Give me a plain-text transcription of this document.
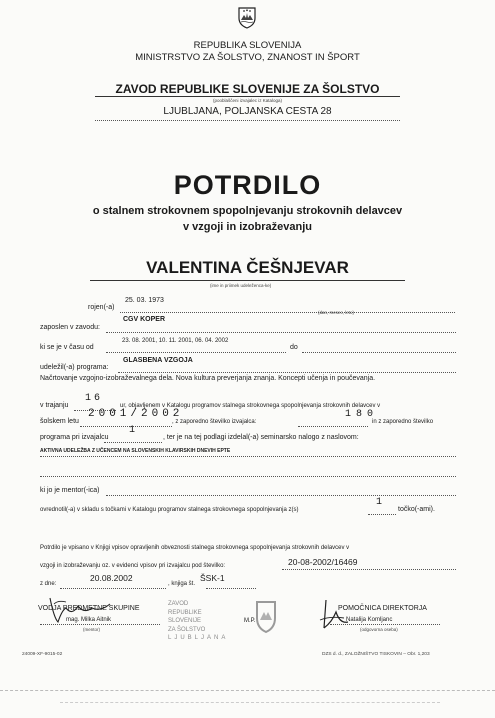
REPUBLIKA SLOVENIJA
MINISTRSTVO ZA ŠOLSTVO, ZNANOST IN ŠPORT
ZAVOD REPUBLIKE SLOVENIJE ZA ŠOLSTVO
(pooblaščeni izvajalec iz Kataloga)
LJUBLJANA, POLJANSKA CESTA 28
POTRDILO
o stalnem strokovnem spopolnjevanju strokovnih delavcev
v vzgoji in izobraževanju
VALENTINA ČEŠNJEVAR
(ime in priimek udeleženca-ke)
25. 03. 1973
rojen(-a)
(dan, mesec, leto)
CGV KOPER
zaposlen v zavodu:
23. 08. 2001, 10. 11. 2001, 06. 04. 2002
ki se je v času od	do
GLASBENA VZGOJA
udeležil(-a) programa:
Načrtovanje vzgojno-izobraževalnega dela. Nova kultura preverjanja znanja. Koncepti učenja in poučevanja.
16
v trajanju	ur, objavljenem v Katalogu programov stalnega strokovnega spopolnjevanja strokovnih delavcev v
2001/2002	180
šolskem letu	, z zaporedno številko izvajalca:	in z zaporedno številko
1
programa pri izvajalcu	, ter je na tej podlagi izdelal(-a) seminarsko nalogo z naslovom:
AKTIVNA UDELEŽBA Z UČENCEM NA SLOVENSKIH KLAVIRSKIH DNEVIH EPTE
ki jo je mentor(-ica)
1
ovrednotil(-a) v skladu s točkami v Katalogu programov stalnega strokovnega spopolnjevanja z(s)	točko(-ami).
Potrdilo je vpisano v Knjigi vpisov opravljenih obveznosti stalnega strokovnega spopolnjevanja strokovnih delavcev v
vzgoji in izobraževanju oz. v evidenci vpisov pri izvajalcu pod številko:	20-08-2002/16469
20.08.2002	ŠSK-1
z dne:	, knjiga št.
VODJA PREDMETNE SKUPINE
mag. Milka Aitnik
(mentor)
ZAVOD
REPUBLIKE
SLOVENIJE
ZA ŠOLSTVO
LJUBLJANA
M.P.
POMOČNICA DIREKTORJA
Natalija Komljanc
(odgovorna oseba)
24009-XF-9015-02	DZS d. d., ZALOŽNIŠTVO TISKOVIN – Obr. 1,203
